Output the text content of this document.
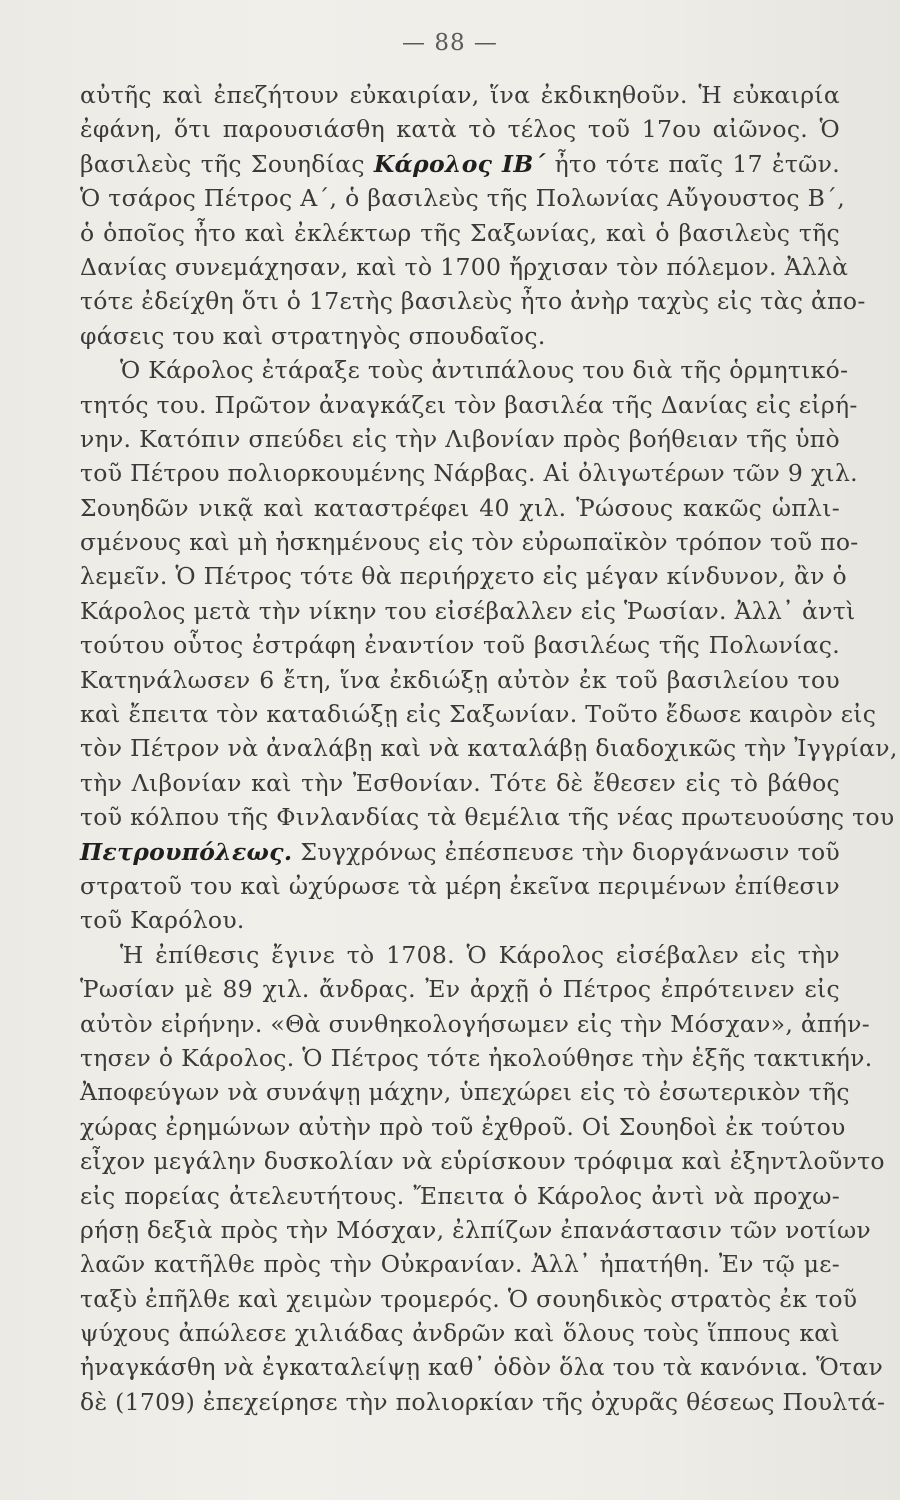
— 88 —
αὐτῆς καὶ ἐπεζήτουν εὐκαιρίαν, ἵνα ἐκδικηθοῦν. Ἡ εὐκαιρία
ἐφάνη, ὅτι παρουσιάσθη κατὰ τὸ τέλος τοῦ 17ου αἰῶνος. Ὁ
βασιλεὺς τῆς Σουηδίας Κάρολος ΙΒ΄ ἦτο τότε παῖς 17 ἐτῶν.
Ὁ τσάρος Πέτρος Α΄, ὁ βασιλεὺς τῆς Πολωνίας Αὔγουστος Β΄,
ὁ ὁποῖος ἦτο καὶ ἐκλέκτωρ τῆς Σαξωνίας, καὶ ὁ βασιλεὺς τῆς
Δανίας συνεμάχησαν, καὶ τὸ 1700 ἤρχισαν τὸν πόλεμον. Ἀλλὰ
τότε ἐδείχθη ὅτι ὁ 17ετὴς βασιλεὺς ἦτο ἀνὴρ ταχὺς εἰς τὰς ἀπο-
φάσεις του καὶ στρατηγὸς σπουδαῖος.
Ὁ Κάρολος ἐτάραξε τοὺς ἀντιπάλους του διὰ τῆς ὁρμητικό-
τητός του. Πρῶτον ἀναγκάζει τὸν βασιλέα τῆς Δανίας εἰς εἰρή-
νην. Κατόπιν σπεύδει εἰς τὴν Λιβονίαν πρὸς βοήθειαν τῆς ὑπὸ
τοῦ Πέτρου πολιορκουμένης Νάρβας. Αἱ ὀλιγωτέρων τῶν 9 χιλ.
Σουηδῶν νικᾷ καὶ καταστρέφει 40 χιλ. Ῥώσους κακῶς ὡπλι-
σμένους καὶ μὴ ἠσκημένους εἰς τὸν εὐρωπαϊκὸν τρόπον τοῦ πο-
λεμεῖν. Ὁ Πέτρος τότε θὰ περιήρχετο εἰς μέγαν κίνδυνον, ἂν ὁ
Κάρολος μετὰ τὴν νίκην του εἰσέβαλλεν εἰς Ῥωσίαν. Ἀλλ᾿ ἀντὶ
τούτου οὗτος ἐστράφη ἐναντίον τοῦ βασιλέως τῆς Πολωνίας.
Κατηνάλωσεν 6 ἔτη, ἵνα ἐκδιώξῃ αὐτὸν ἐκ τοῦ βασιλείου του
καὶ ἔπειτα τὸν καταδιώξῃ εἰς Σαξωνίαν. Τοῦτο ἔδωσε καιρὸν εἰς
τὸν Πέτρον νὰ ἀναλάβῃ καὶ νὰ καταλάβῃ διαδοχικῶς τὴν Ἰγγρίαν,
τὴν Λιβονίαν καὶ τὴν Ἐσθονίαν. Τότε δὲ ἔθεσεν εἰς τὸ βάθος
τοῦ κόλπου τῆς Φινλανδίας τὰ θεμέλια τῆς νέας πρωτευούσης του
Πετρουπόλεως. Συγχρόνως ἐπέσπευσε τὴν διοργάνωσιν τοῦ
στρατοῦ του καὶ ὠχύρωσε τὰ μέρη ἐκεῖνα περιμένων ἐπίθεσιν
τοῦ Καρόλου.
Ἡ ἐπίθεσις ἔγινε τὸ 1708. Ὁ Κάρολος εἰσέβαλεν εἰς τὴν
Ῥωσίαν μὲ 89 χιλ. ἄνδρας. Ἐν ἀρχῇ ὁ Πέτρος ἐπρότεινεν εἰς
αὐτὸν εἰρήνην. «Θὰ συνθηκολογήσωμεν εἰς τὴν Μόσχαν», ἀπήν-
τησεν ὁ Κάρολος. Ὁ Πέτρος τότε ἠκολούθησε τὴν ἑξῆς τακτικήν.
Ἀποφεύγων νὰ συνάψῃ μάχην, ὑπεχώρει εἰς τὸ ἐσωτερικὸν τῆς
χώρας ἐρημώνων αὐτὴν πρὸ τοῦ ἐχθροῦ. Οἱ Σουηδοὶ ἐκ τούτου
εἶχον μεγάλην δυσκολίαν νὰ εὑρίσκουν τρόφιμα καὶ ἐξηντλοῦντο
εἰς πορείας ἀτελευτήτους. Ἔπειτα ὁ Κάρολος ἀντὶ νὰ προχω-
ρήσῃ δεξιὰ πρὸς τὴν Μόσχαν, ἐλπίζων ἐπανάστασιν τῶν νοτίων
λαῶν κατῆλθε πρὸς τὴν Οὐκρανίαν. Ἀλλ᾿ ἠπατήθη. Ἐν τῷ με-
ταξὺ ἐπῆλθε καὶ χειμὼν τρομερός. Ὁ σουηδικὸς στρατὸς ἐκ τοῦ
ψύχους ἀπώλεσε χιλιάδας ἀνδρῶν καὶ ὅλους τοὺς ἵππους καὶ
ἠναγκάσθη νὰ ἐγκαταλείψῃ καθ᾿ ὁδὸν ὅλα του τὰ κανόνια. Ὅταν
δὲ (1709) ἐπεχείρησε τὴν πολιορκίαν τῆς ὀχυρᾶς θέσεως Πουλτά-
